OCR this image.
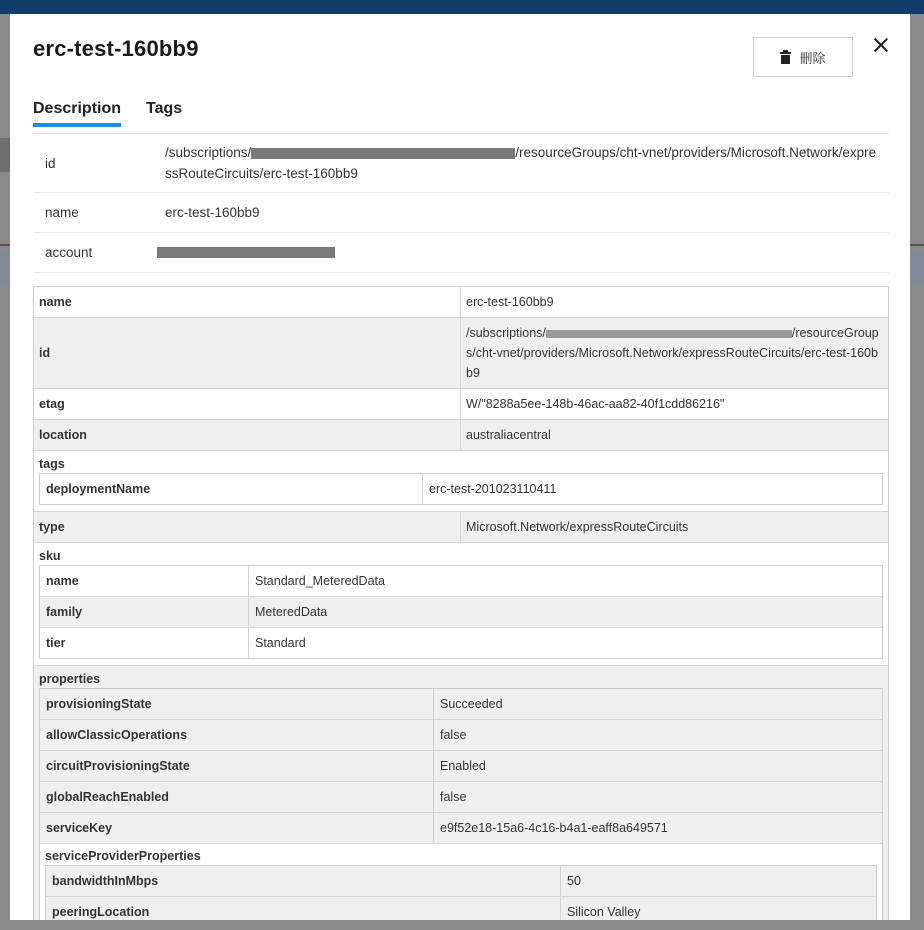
erc-test-160bb9	刪除
Description Tags
id
/subscriptions/	/resourceGroups/cht-vnet/providers/Microsoft.Network/expressRouteCircuits/erc-test-160bb9
name	erc-test-160bb9
account
name	erc-test-160bb9
id
/subscriptions/	/resourceGroups/cht-vnet/providers/Microsoft.Network/expressRouteCircuits/erc-test-160bb9
etag	W/"8288a5ee-148b-46ac-aa82-40f1cdd86216"
location	australiacentral
tags
deploymentName	erc-test-201023110411
type	Microsoft.Network/expressRouteCircuits
sku
name	Standard_MeteredData
family	MeteredData
tier	Standard
properties
provisioningState	Succeeded
allowClassicOperations	false
circuitProvisioningState	Enabled
globalReachEnabled	false
serviceKey	e9f52e18-15a6-4c16-b4a1-eaff8a649571
serviceProviderProperties
bandwidthInMbps	50
peeringLocation	Silicon Valley
